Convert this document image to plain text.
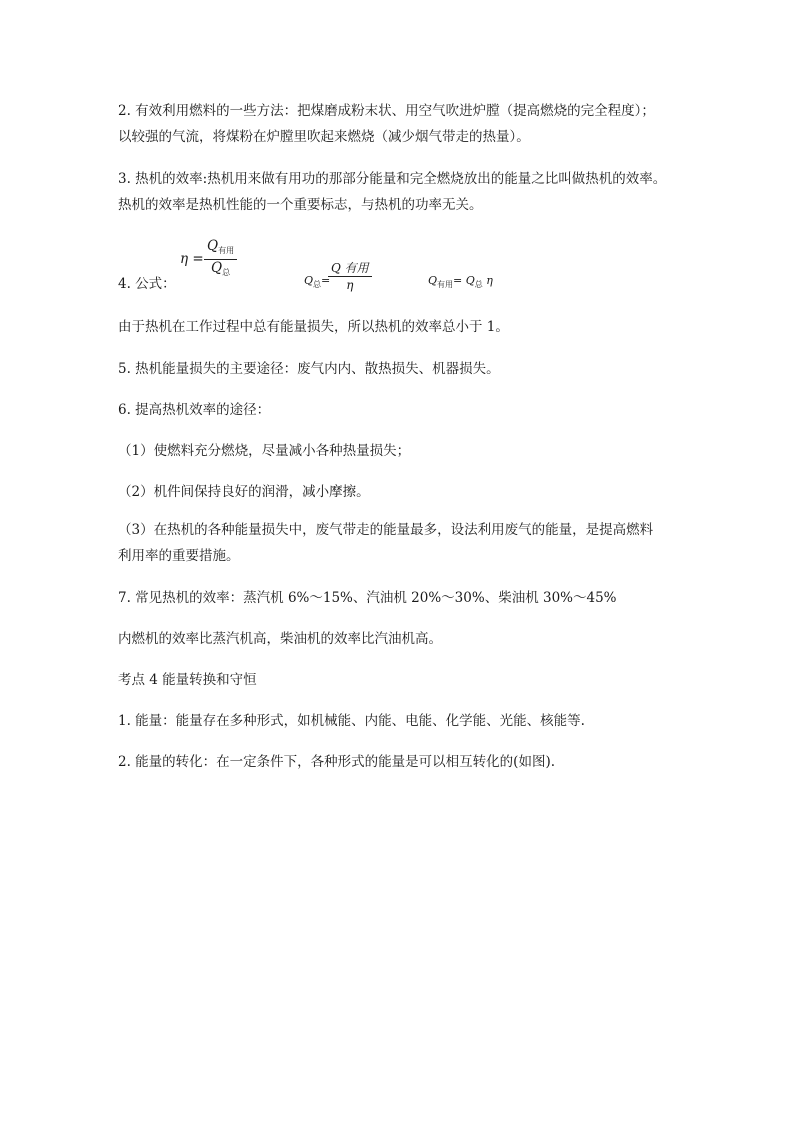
2. 有效利用燃料的一些方法：把煤磨成粉末状、用空气吹进炉膛（提高燃烧的完全程度）；
以较强的气流，将煤粉在炉膛里吹起来燃烧（减少烟气带走的热量）。
3. 热机的效率:热机用来做有用功的那部分能量和完全燃烧放出的能量之比叫做热机的效率。
热机的效率是热机性能的一个重要标志，与热机的功率无关。
4. 公式：
η =
$Q_{有用}$
$Q_总$
$Q_总=$
Q 有用
η	$Q_{有用}= Q_总$ η
由于热机在工作过程中总有能量损失，所以热机的效率总小于 1。
5. 热机能量损失的主要途径：废气内内、散热损失、机器损失。
6. 提高热机效率的途径：
（1）使燃料充分燃烧，尽量减小各种热量损失；
（2）机件间保持良好的润滑，减小摩擦。
（3）在热机的各种能量损失中，废气带走的能量最多，设法利用废气的能量，是提高燃料
利用率的重要措施。
7. 常见热机的效率：蒸汽机 6%～15%、汽油机 20%～30%、柴油机 30%～45%
内燃机的效率比蒸汽机高，柴油机的效率比汽油机高。
考点 4 能量转换和守恒
1. 能量：能量存在多种形式，如机械能、内能、电能、化学能、光能、核能等.
2. 能量的转化：在一定条件下，各种形式的能量是可以相互转化的(如图).
